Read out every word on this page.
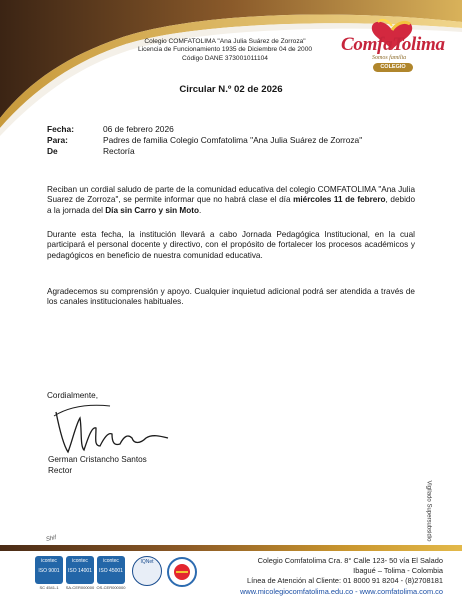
Colegio COMFATOLIMA "Ana Julia Suárez de Zorroza"
Licencia de Funcionamiento 1935 de Diciembre 04 de 2000
Código DANE 373001011104
ComfaTolima
Somos familia
COLEGIO
Circular N.º 02 de 2026
Fecha:	06 de febrero 2026
Para:	Padres de familia Colegio Comfatolima "Ana Julia Suárez de Zorroza"
De	Rectoría
Reciban un cordial saludo de parte de la comunidad educativa del colegio COMFATOLIMA "Ana Julia Suarez de Zorroza", se permite informar que no habrá clase el día miércoles 11 de febrero, debido a la jornada del Día sin Carro y sin Moto.
Durante esta fecha, la institución llevará a cabo Jornada Pedagógica Institucional, en la cual participará el personal docente y directivo, con el propósito de fortalecer los procesos académicos y pedagógicos en beneficio de nuestra comunidad educativa.
Agradecemos su comprensión y apoyo. Cualquier inquietud adicional podrá ser atendida a través de los canales institucionales habituales.
Cordialmente,
German Cristancho Santos
Rector
Shif	Vigilado Supersubsidio
icontec
ISO 9001
SC 4541-1
icontec
ISO 14001
SA-CER000000
icontec
ISO 45001
OS-CER000000
IQNet	Colegio Comfatolima Cra. 8° Calle 123- 50 vía El Salado
Ibagué – Tolima - Colombia
Línea de Atención al Cliente: 01 8000 91 8204 - (8)2708181
www.micolegiocomfatolima.edu.co - www.comfatolima.com.co
